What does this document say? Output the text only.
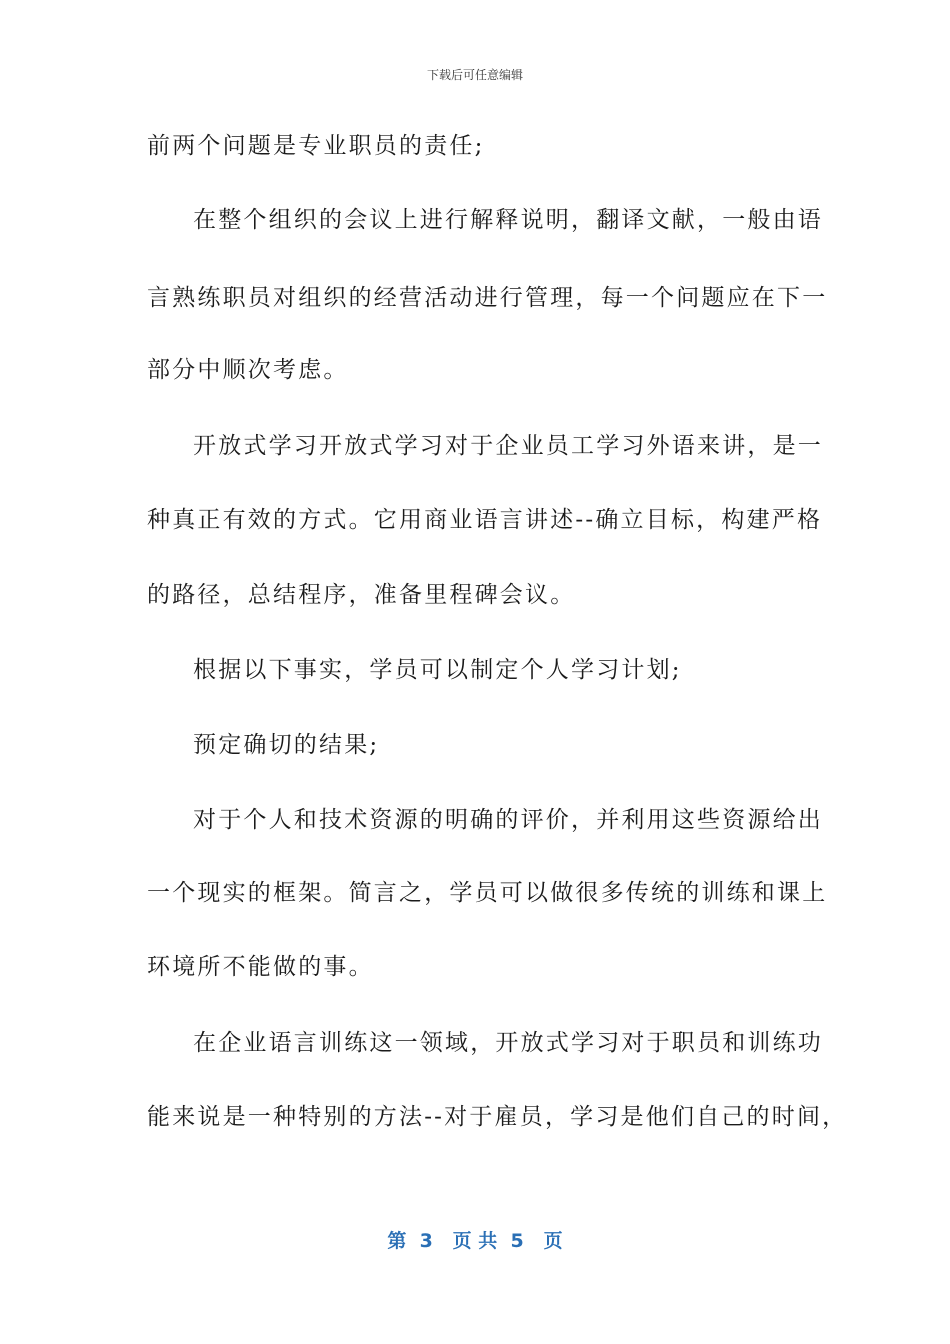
下载后可任意编辑
前两个问题是专业职员的责任;
在整个组织的会议上进行解释说明，翻译文献，一般由语
言熟练职员对组织的经营活动进行管理，每一个问题应在下一
部分中顺次考虑。
开放式学习开放式学习对于企业员工学习外语来讲，是一
种真正有效的方式。它用商业语言讲述--确立目标，构建严格
的路径，总结程序，准备里程碑会议。
根据以下事实，学员可以制定个人学习计划;
预定确切的结果;
对于个人和技术资源的明确的评价，并利用这些资源给出
一个现实的框架。简言之，学员可以做很多传统的训练和课上
环境所不能做的事。
在企业语言训练这一领域，开放式学习对于职员和训练功
能来说是一种特别的方法--对于雇员，学习是他们自己的时间，
第  3   页 共  5   页
